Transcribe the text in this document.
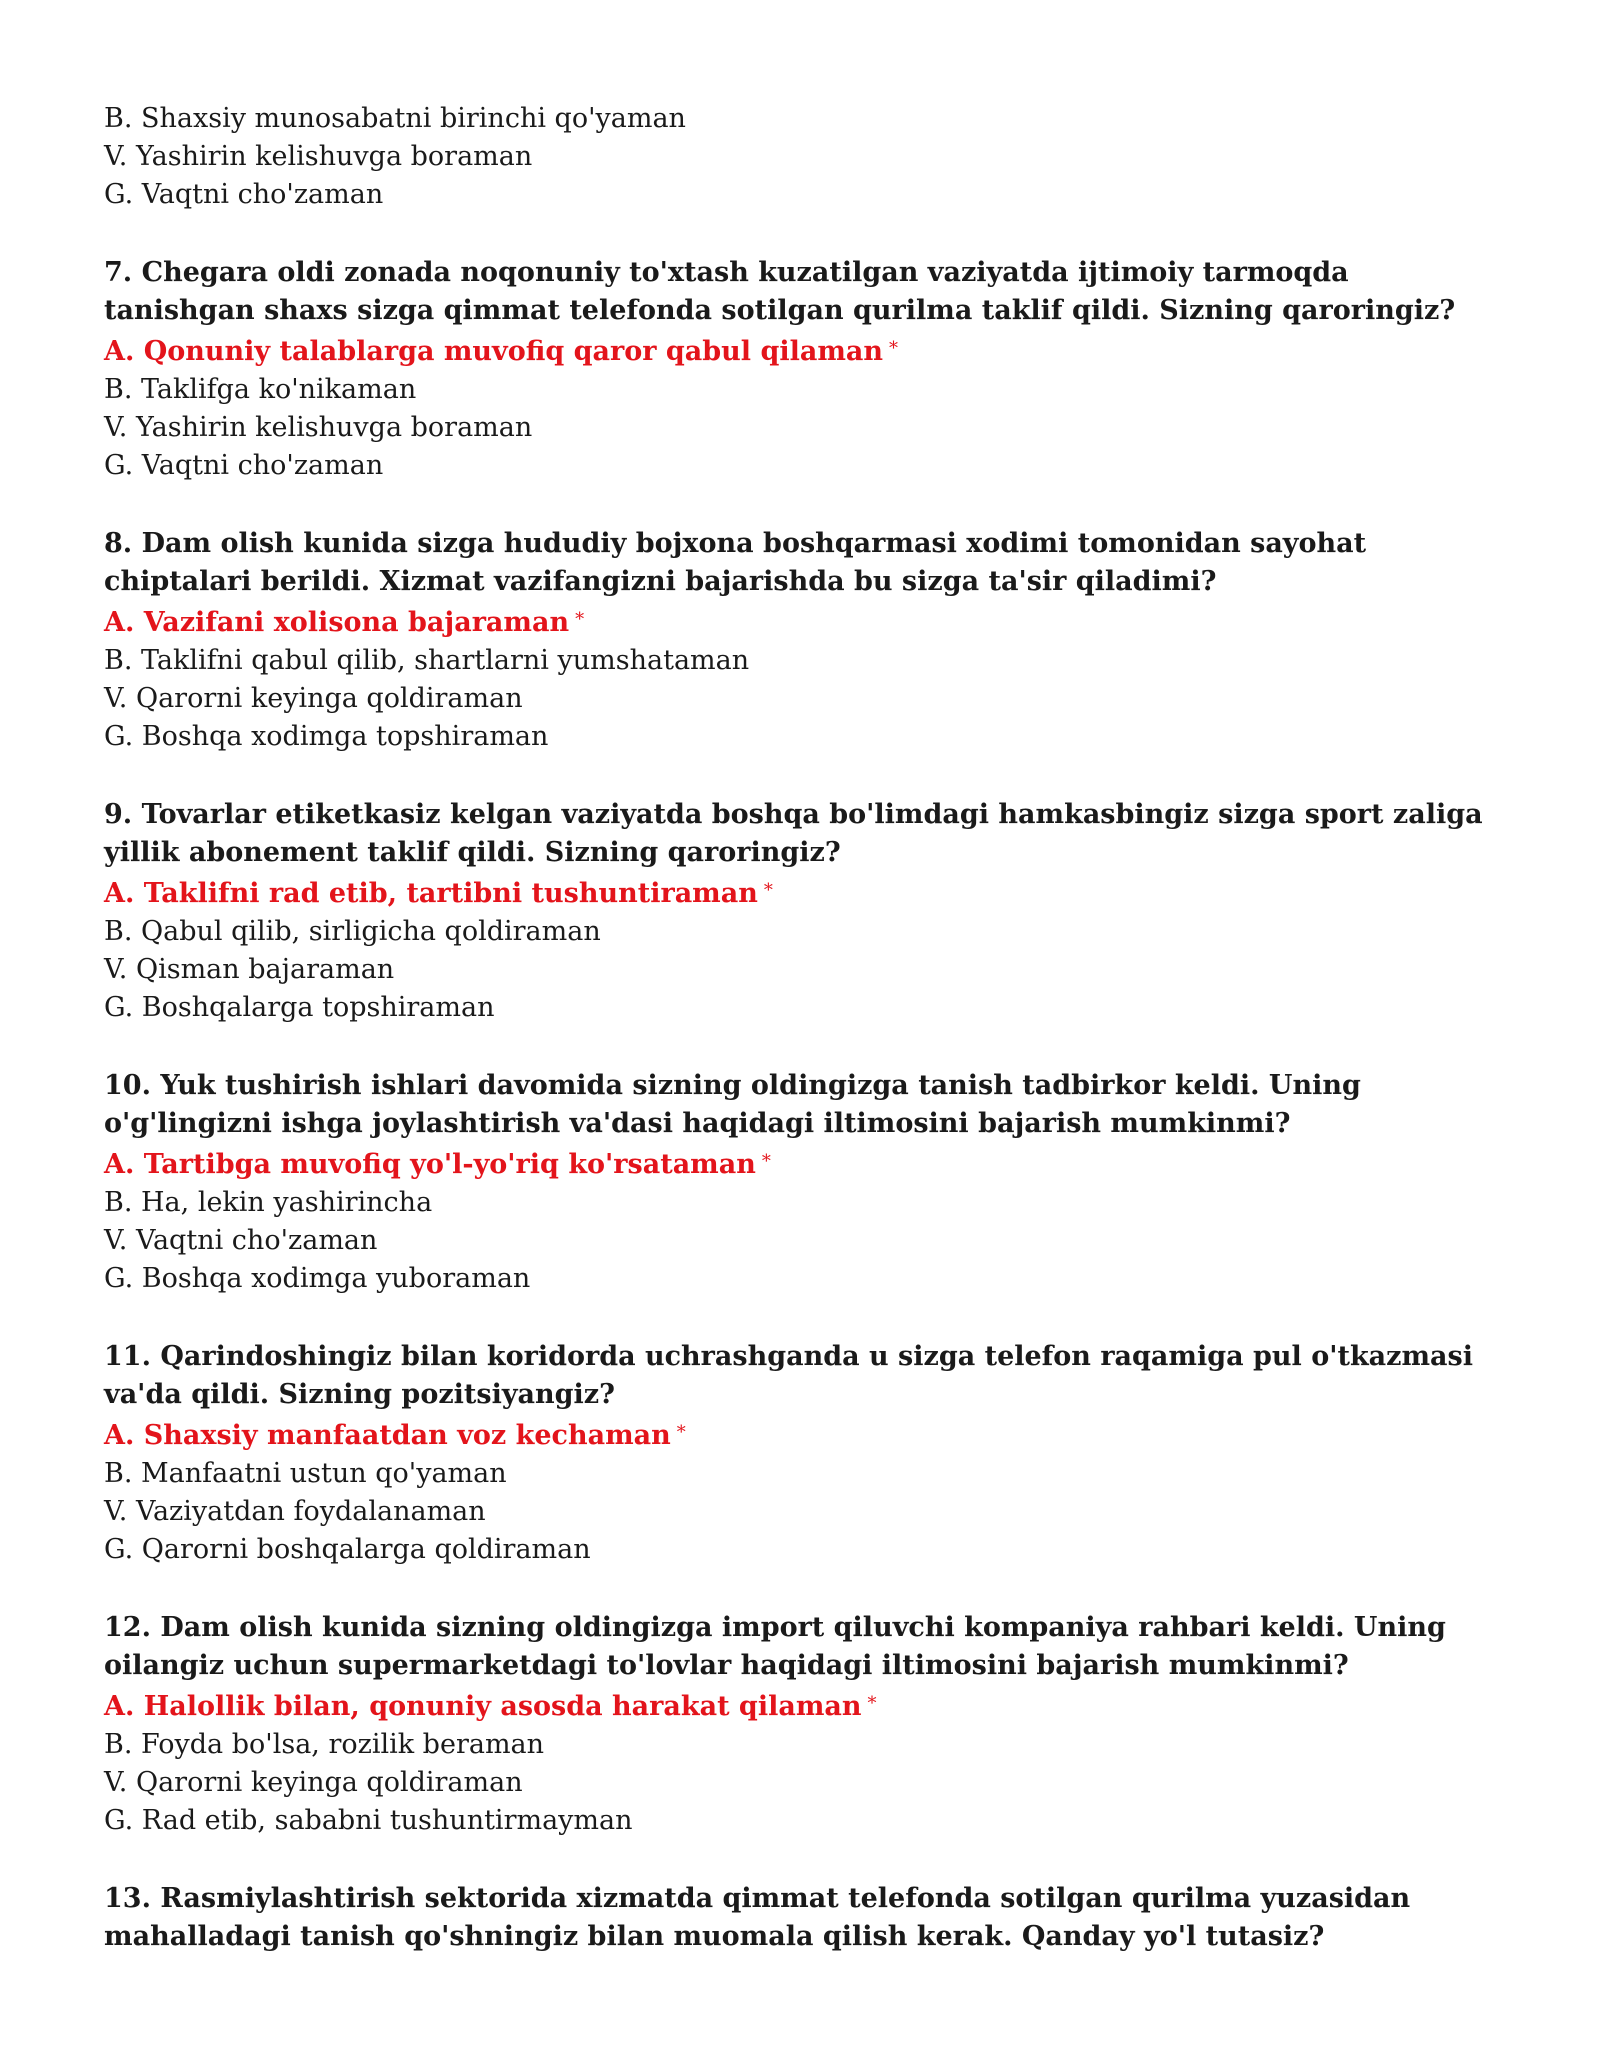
B. Shaxsiy munosabatni birinchi qo'yaman

V. Yashirin kelishuvga boraman

G. Vaqtni cho'zaman

7. Chegara oldi zonada noqonuniy to'xtash kuzatilgan vaziyatda ijtimoiy tarmoqda tanishgan shaxs sizga qimmat telefonda sotilgan qurilma taklif qildi. Sizning qaroringiz?

A. Qonuniy talablarga muvofiq qaror qabul qilaman *

B. Taklifga ko'nikaman

V. Yashirin kelishuvga boraman

G. Vaqtni cho'zaman

8. Dam olish kunida sizga hududiy bojxona boshqarmasi xodimi tomonidan sayohat chiptalari berildi. Xizmat vazifangizni bajarishda bu sizga ta'sir qiladimi?

A. Vazifani xolisona bajaraman *

B. Taklifni qabul qilib, shartlarni yumshataman

V. Qarorni keyinga qoldiraman

G. Boshqa xodimga topshiraman

9. Tovarlar etiketkasiz kelgan vaziyatda boshqa bo'limdagi hamkasbingiz sizga sport zaliga yillik abonement taklif qildi. Sizning qaroringiz?

A. Taklifni rad etib, tartibni tushuntiraman *

B. Qabul qilib, sirligicha qoldiraman

V. Qisman bajaraman

G. Boshqalarga topshiraman

10. Yuk tushirish ishlari davomida sizning oldingizga tanish tadbirkor keldi. Uning o'g'lingizni ishga joylashtirish va'dasi haqidagi iltimosini bajarish mumkinmi?

A. Tartibga muvofiq yo'l-yo'riq ko'rsataman *

B. Ha, lekin yashirincha

V. Vaqtni cho'zaman

G. Boshqa xodimga yuboraman

11. Qarindoshingiz bilan koridorda uchrashganda u sizga telefon raqamiga pul o'tkazmasi va'da qildi. Sizning pozitsiyangiz?

A. Shaxsiy manfaatdan voz kechaman *

B. Manfaatni ustun qo'yaman

V. Vaziyatdan foydalanaman

G. Qarorni boshqalarga qoldiraman

12. Dam olish kunida sizning oldingizga import qiluvchi kompaniya rahbari keldi. Uning oilangiz uchun supermarketdagi to'lovlar haqidagi iltimosini bajarish mumkinmi?

A. Halollik bilan, qonuniy asosda harakat qilaman *

B. Foyda bo'lsa, rozilik beraman

V. Qarorni keyinga qoldiraman

G. Rad etib, sababni tushuntirmayman

13. Rasmiylashtirish sektorida xizmatda qimmat telefonda sotilgan qurilma yuzasidan mahalladagi tanish qo'shningiz bilan muomala qilish kerak. Qanday yo'l tutasiz?
